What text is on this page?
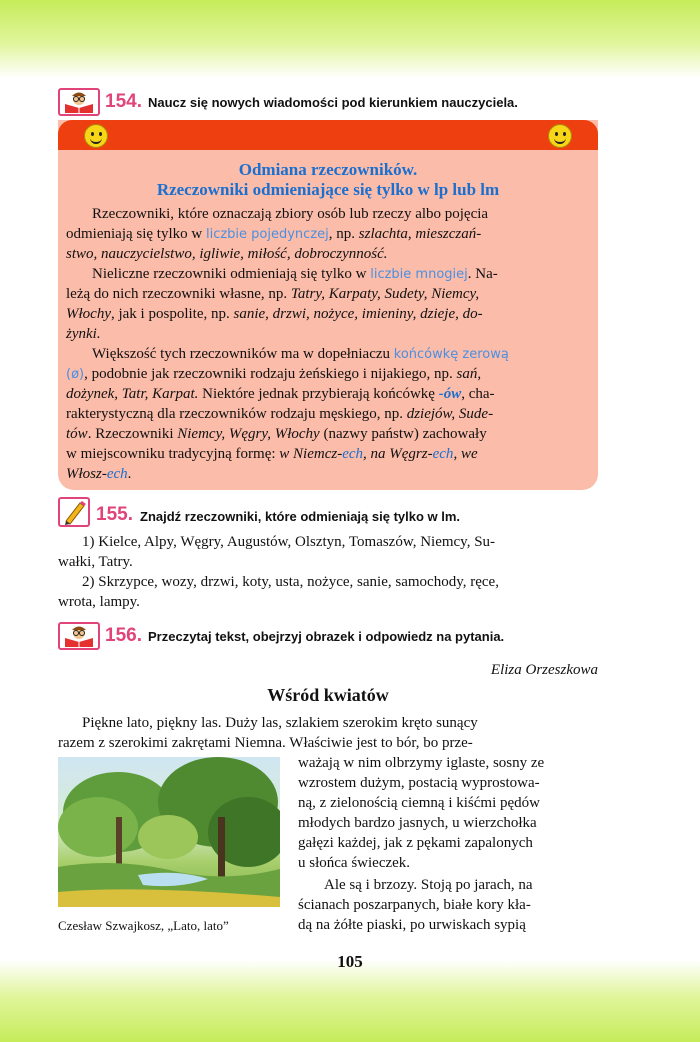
154. Naucz się nowych wiadomości pod kierunkiem nauczyciela.
Odmiana rzeczowników.
Rzeczowniki odmieniające się tylko w lp lub lm
Rzeczowniki, które oznaczają zbiory osób lub rzeczy albo pojęcia
odmieniają się tylko w liczbie pojedynczej, np. szlachta, mieszczań-
stwo, nauczycielstwo, igliwie, miłość, dobroczynność.
Nieliczne rzeczowniki odmieniają się tylko w liczbie mnogiej. Na-
leżą do nich rzeczowniki własne, np. Tatry, Karpaty, Sudety, Niemcy,
Włochy, jak i pospolite, np. sanie, drzwi, nożyce, imieniny, dzieje, do-
żynki.
Większość tych rzeczowników ma w dopełniaczu końcówkę zerową
(ø), podobnie jak rzeczowniki rodzaju żeńskiego i nijakiego, np. sań,
dożynek, Tatr, Karpat. Niektóre jednak przybierają końcówkę -ów, cha-
rakterystyczną dla rzeczowników rodzaju męskiego, np. dziejów, Sude-
tów. Rzeczowniki Niemcy, Węgry, Włochy (nazwy państw) zachowały
w miejscowniku tradycyjną formę: w Niemcz-ech, na Węgrz-ech, we
Włosz-ech.
155. Znajdź rzeczowniki, które odmieniają się tylko w lm.
1) Kielce, Alpy, Węgry, Augustów, Olsztyn, Tomaszów, Niemcy, Su-
wałki, Tatry.
2) Skrzypce, wozy, drzwi, koty, usta, nożyce, sanie, samochody, ręce,
wrota, lampy.
156. Przeczytaj tekst, obejrzyj obrazek i odpowiedz na pytania.
Eliza Orzeszkowa
Wśród kwiatów
Piękne lato, piękny las. Duży las, szlakiem szerokim kręto sunący
razem z szerokimi zakrętami Niemna. Właściwie jest to bór, bo prze-
ważają w nim olbrzymy iglaste, sosny ze
wzrostem dużym, postacią wyprostowa-
ną, z zielonością ciemną i kiśćmi pędów
młodych bardzo jasnych, u wierzchołka
gałęzi każdej, jak z pękami zapalonych
u słońca świeczek.
Ale są i brzozy. Stoją po jarach, na
ścianach poszarpanych, białe kory kła-
dą na żółte piaski, po urwiskach sypią
Czesław Szwajkosz, „Lato, lato”
105
